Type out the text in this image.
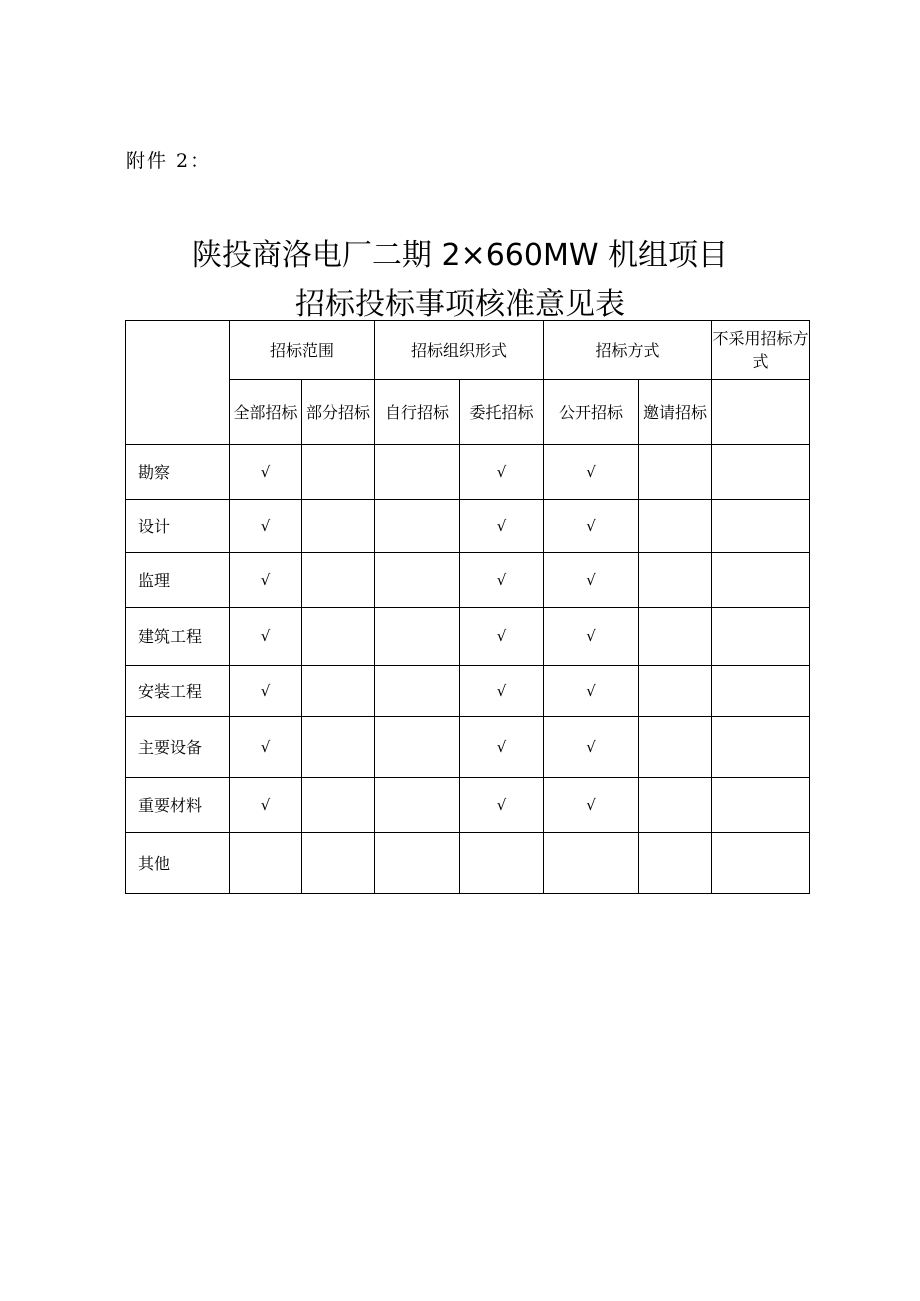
附件 2：
陕投商洛电厂二期 2×660MW 机组项目
招标投标事项核准意见表
	招标范围		招标组织形式		招标方式		不采用招标方式
	全部招标	部分招标	自行招标	委托招标	公开招标	邀请招标	
勘察	√			√	√		
设计	√			√	√		
监理	√			√	√		
建筑工程	√			√	√		
安装工程	√			√	√		
主要设备	√			√	√		
重要材料	√			√	√		
其他							
